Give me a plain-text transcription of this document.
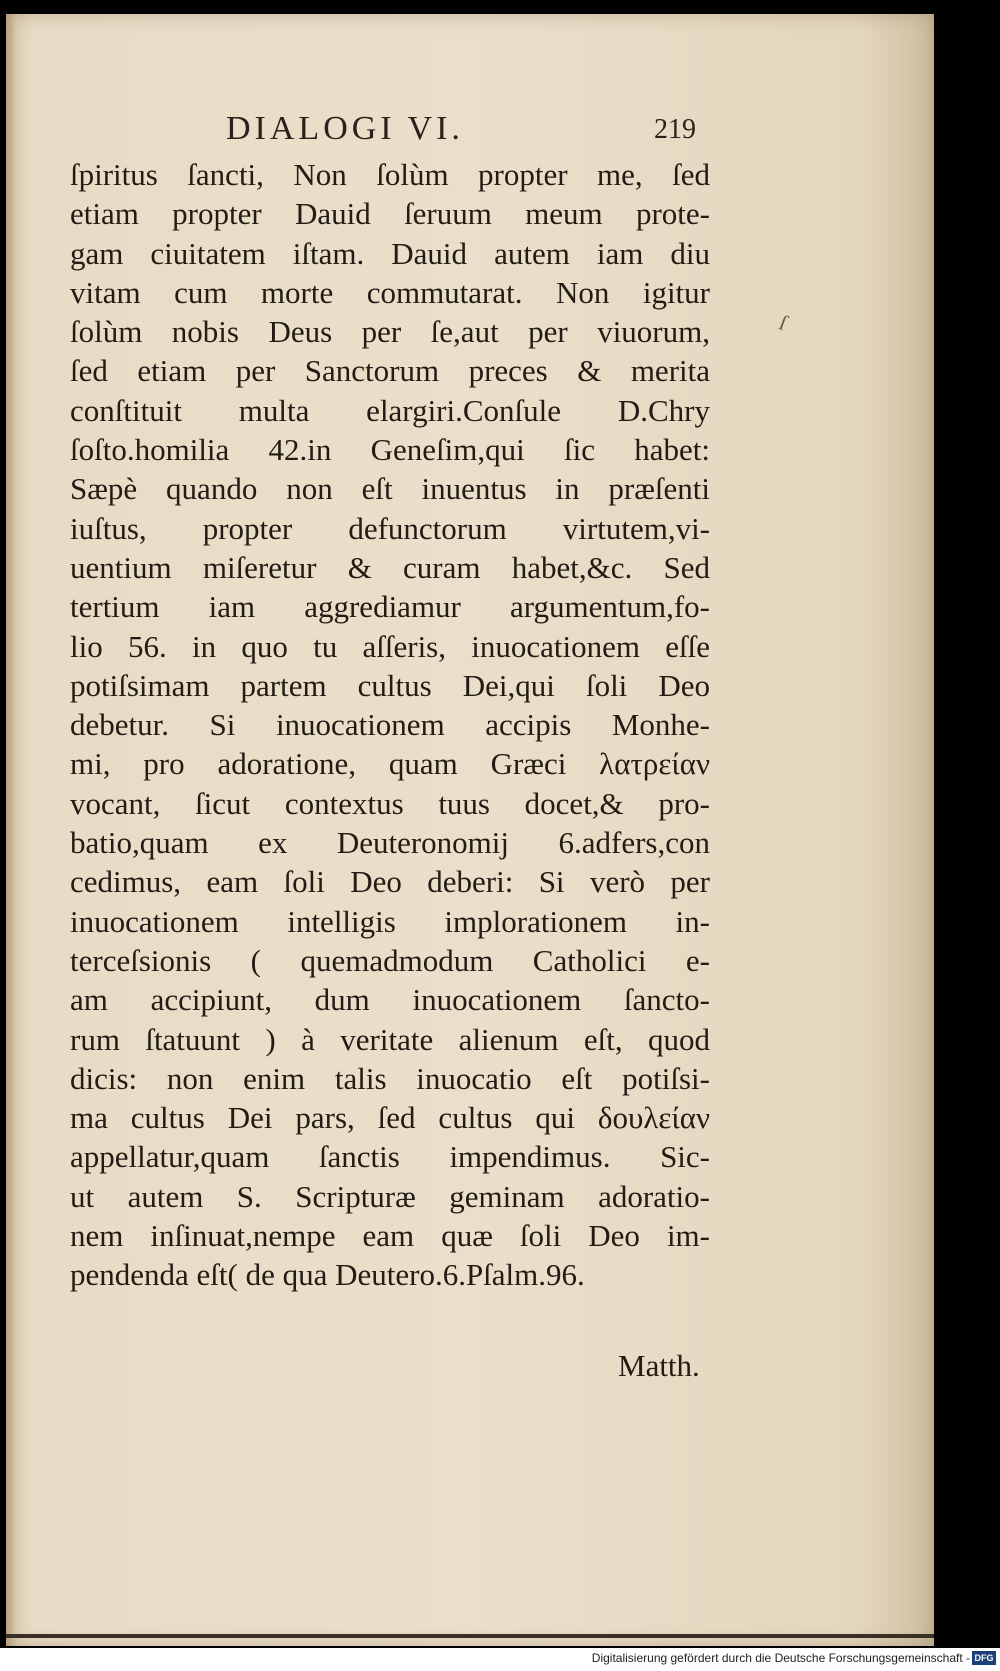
DIALOGI VI.	219
ſ
ſpiritus ſancti, Non ſolùm propter me, ſed
etiam propter Dauid ſeruum meum prote-
gam ciuitatem iſtam. Dauid autem iam diu
vitam cum morte commutarat. Non igitur
ſolùm nobis Deus per ſe,aut per viuorum,
ſed etiam per Sanctorum preces & merita
conſtituit multa elargiri.Conſule D.Chry
ſoſto.homilia 42.in Geneſim,qui ſic habet:
Sæpè quando non eſt inuentus in præſenti
iuſtus, propter defunctorum virtutem,vi-
uentium miſeretur & curam habet,&c. Sed
tertium iam aggrediamur argumentum,fo-
lio 56. in quo tu aſſeris, inuocationem eſſe
potiſsimam partem cultus Dei,qui ſoli Deo
debetur. Si inuocationem accipis Monhe-
mi, pro adoratione, quam Græci λατρείαν
vocant, ſicut contextus tuus docet,& pro-
batio,quam ex Deuteronomij 6.adfers,con
cedimus, eam ſoli Deo deberi: Si verò per
inuocationem intelligis implorationem in-
terceſsionis ( quemadmodum Catholici e-
am accipiunt, dum inuocationem ſancto-
rum ſtatuunt ) à veritate alienum eſt, quod
dicis: non enim talis inuocatio eſt potiſsi-
ma cultus Dei pars, ſed cultus qui δουλείαν
appellatur,quam ſanctis impendimus. Sic-
ut autem S. Scripturæ geminam adoratio-
nem inſinuat,nempe eam quæ ſoli Deo im-
pendenda eſt( de qua Deutero.6.Pſalm.96.
Matth.
Digitalisierung gefördert durch die Deutsche Forschungsgemeinschaft - DFG
